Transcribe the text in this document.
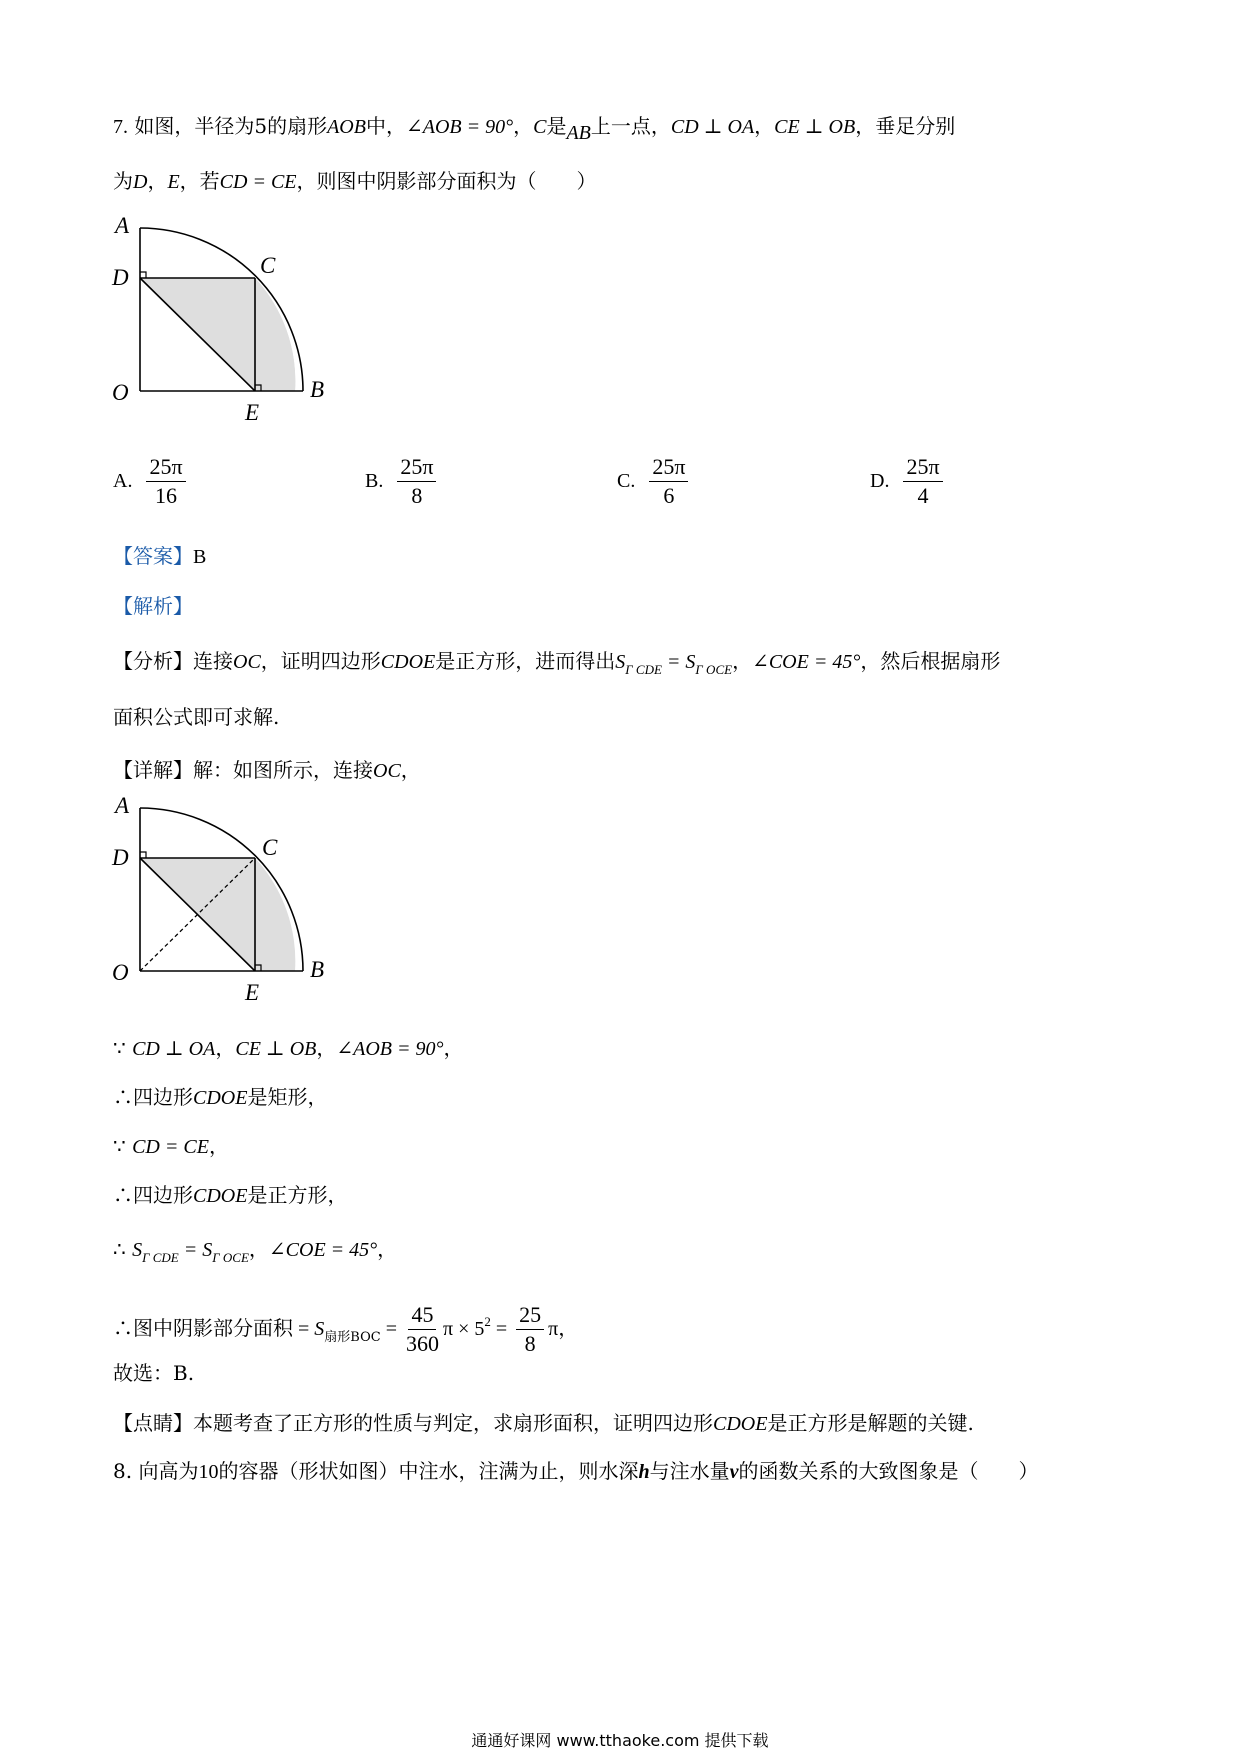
7. 如图，半径为5的扇形AOB中，∠AOB = 90°，C是AB上一点，CD ⊥ OA，CE ⊥ OB，垂足分别
为D，E，若CD = CE，则图中阴影部分面积为（　　）
A
D	C
O	B
E
A. $\frac{25\pi}{16}$	B. $\frac{25\pi}{8}$	C. $\frac{25\pi}{6}$	D. $\frac{25\pi}{4}$
【答案】B
【解析】
【分析】连接OC，证明四边形CDOE是正方形，进而得出$S_{\Gamma CDE} = S_{\Gamma OCE}$，∠COE = 45°，然后根据扇形
面积公式即可求解.
【详解】解：如图所示，连接OC，
A
D	C
O	B
E
∵ CD ⊥ OA，CE ⊥ OB，∠AOB = 90°，
∴四边形CDOE是矩形，
∵ CD = CE，
∴四边形CDOE是正方形，
∴ $S_{\Gamma CDE} = S_{\Gamma OCE}$，∠COE = 45°，
∴图中阴影部分面积 = $S_{扇形BOC} = \frac{45}{360}$ $\pi \times 5^2 = \frac{25}{8}$ π，
故选：B.
【点睛】本题考查了正方形的性质与判定，求扇形面积，证明四边形CDOE是正方形是解题的关键.
8. 向高为10的容器（形状如图）中注水，注满为止，则水深h与注水量v的函数关系的大致图象是（　　）
通通好课网 www.tthaoke.com 提供下载
